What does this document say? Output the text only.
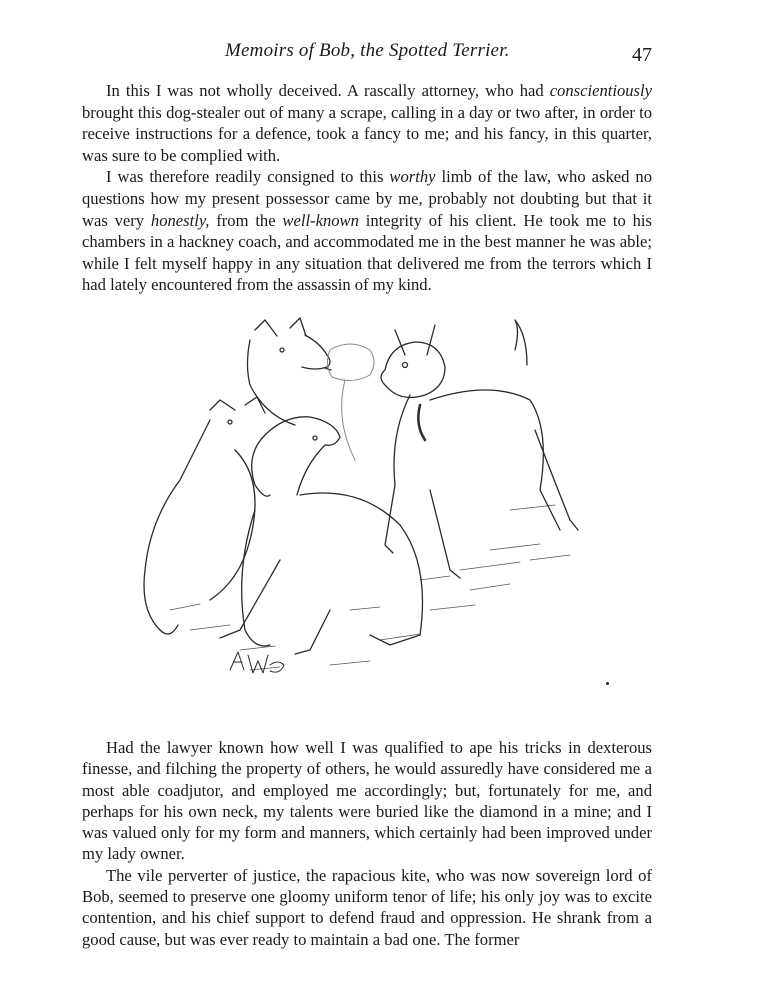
Memoirs of Bob, the Spotted Terrier.	47

In this I was not wholly deceived. A rascally attorney, who had conscientiously brought this dog-stealer out of many a scrape, calling in a day or two after, in order to receive instructions for a defence, took a fancy to me; and his fancy, in this quarter, was sure to be complied with.

I was therefore readily consigned to this worthy limb of the law, who asked no questions how my present possessor came by me, probably not doubting but that it was very honestly, from the well-known integrity of his client. He took me to his chambers in a hackney coach, and accommodated me in the best manner he was able; while I felt myself happy in any situation that delivered me from the terrors which I had lately encountered from the assassin of my kind.

Had the lawyer known how well I was qualified to ape his tricks in dexterous finesse, and filching the property of others, he would assuredly have considered me a most able coadjutor, and employed me accordingly; but, fortunately for me, and perhaps for his own neck, my talents were buried like the diamond in a mine; and I was valued only for my form and manners, which certainly had been improved under my lady owner.

The vile perverter of justice, the rapacious kite, who was now sovereign lord of Bob, seemed to preserve one gloomy uniform tenor of life; his only joy was to excite contention, and his chief support to defend fraud and oppression. He shrank from a good cause, but was ever ready to maintain a bad one. The former
